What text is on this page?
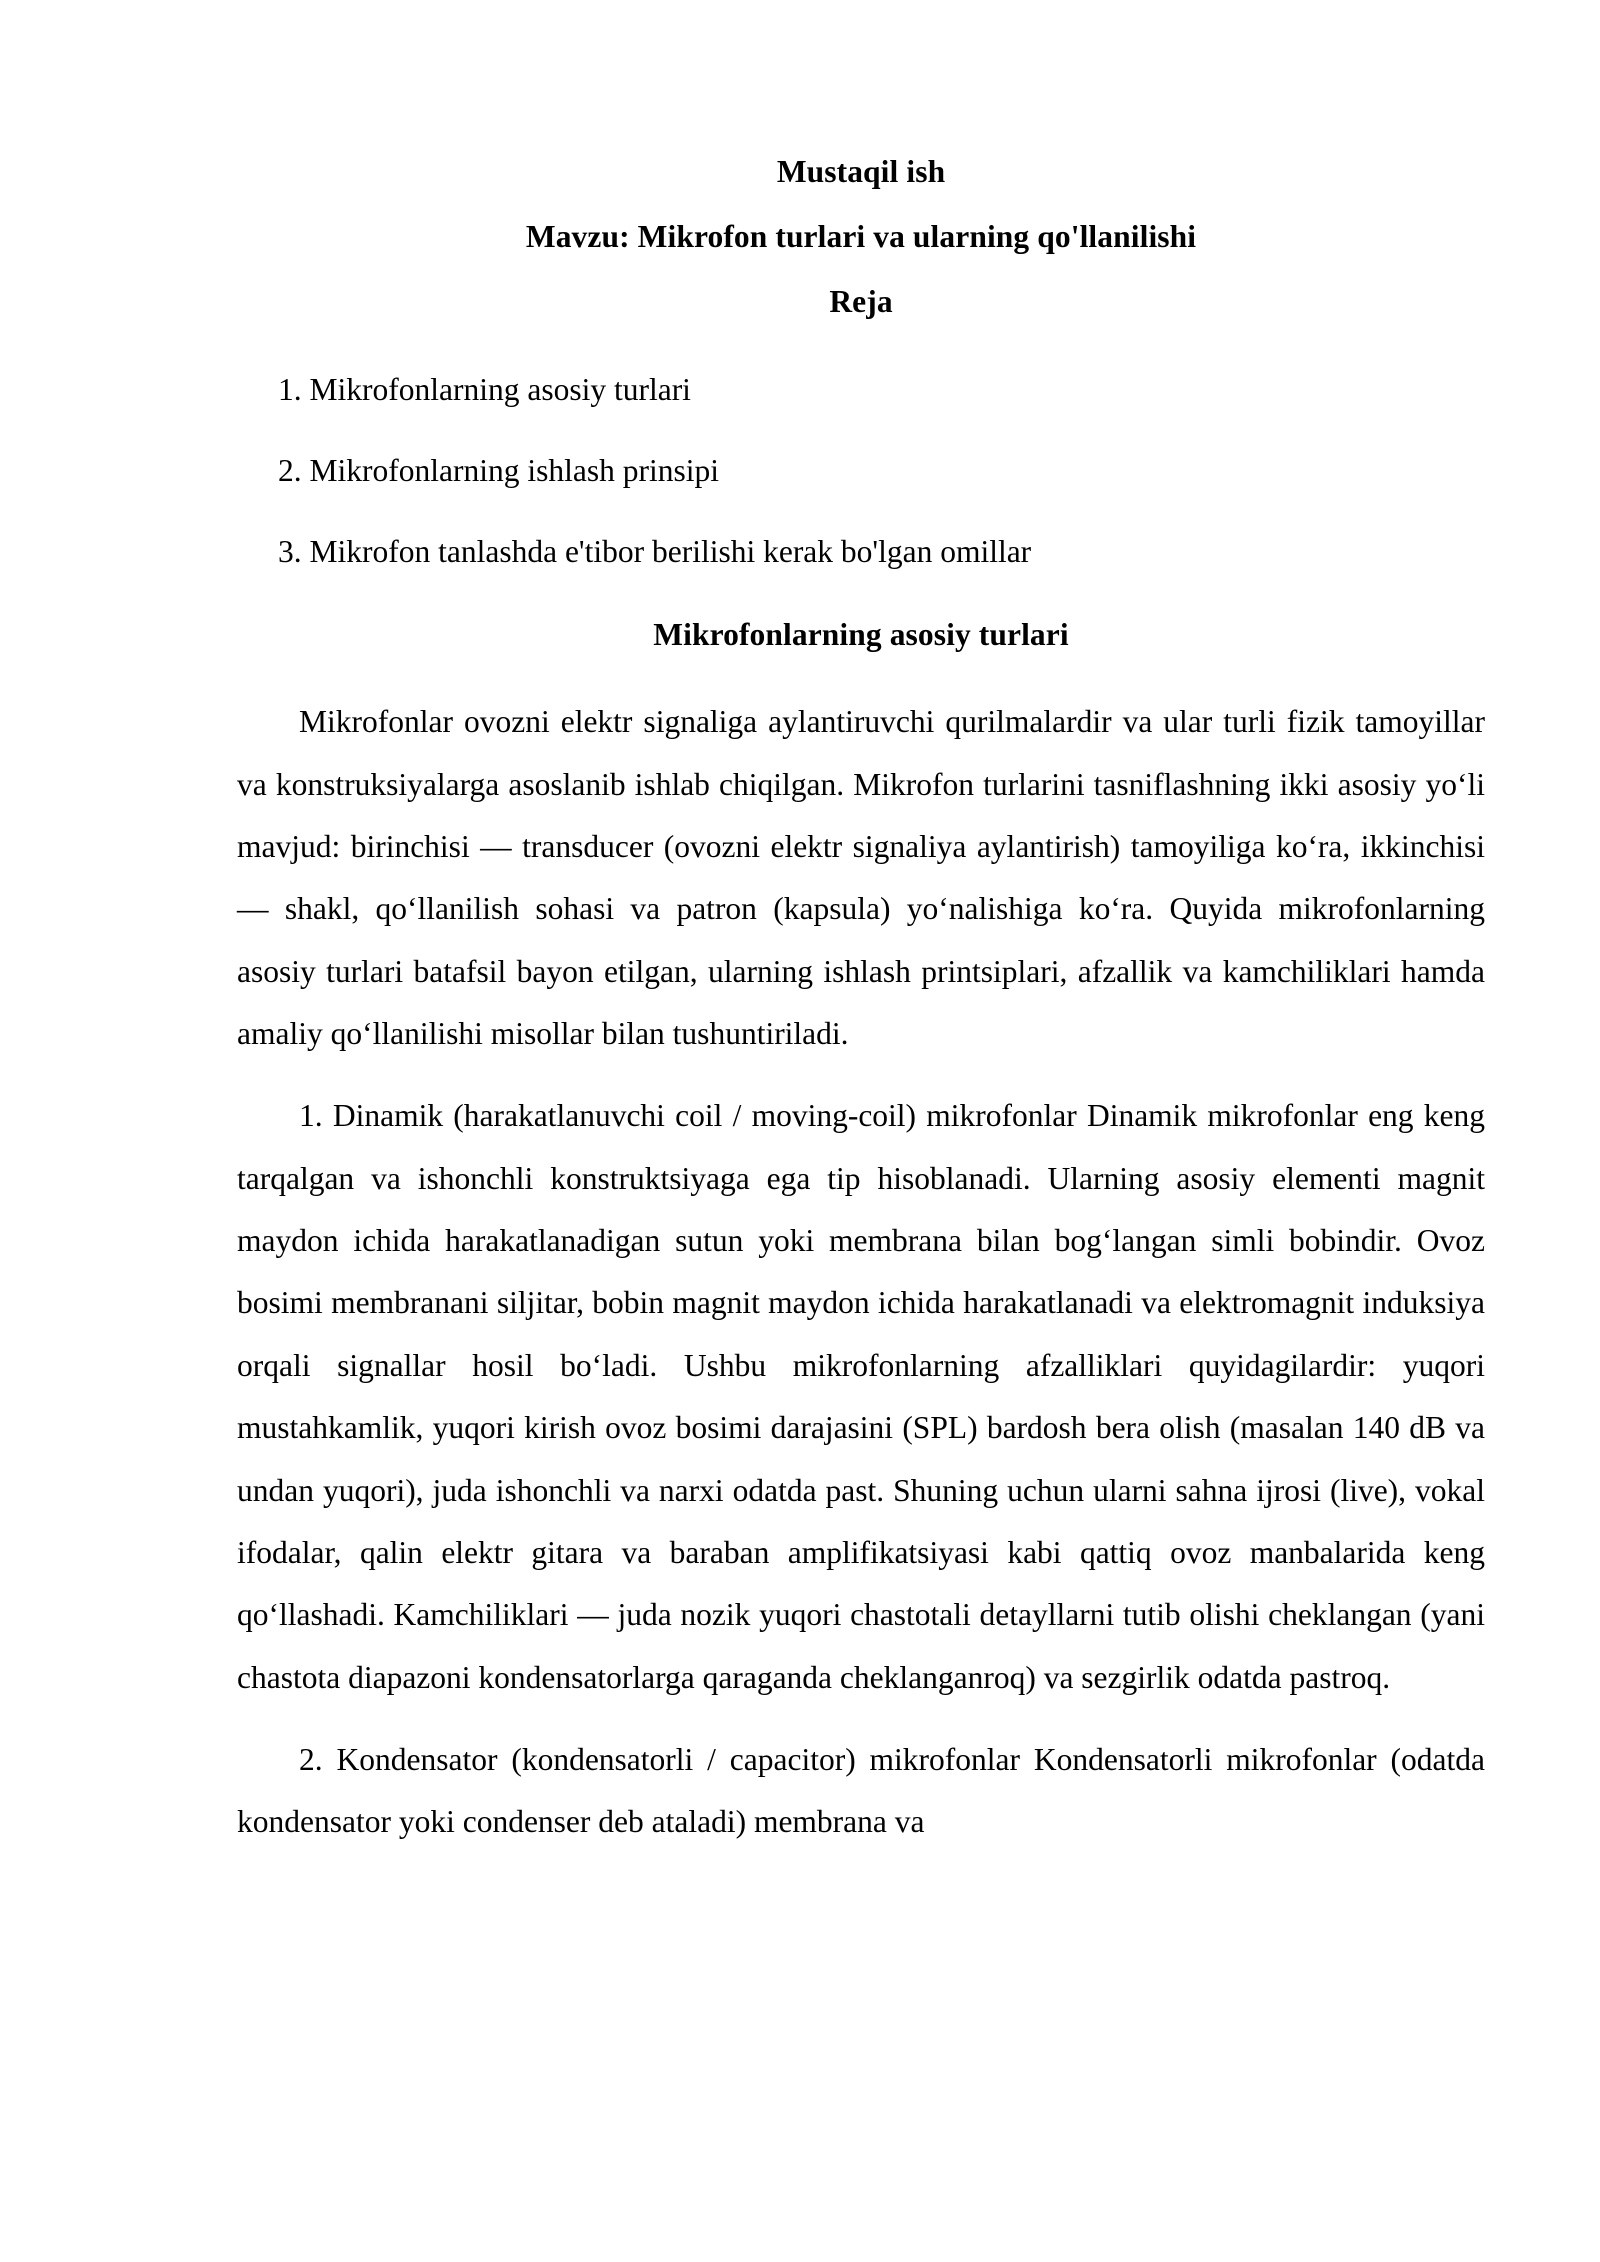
Mustaqil ish

Mavzu: Mikrofon turlari va ularning qo'llanilishi

Reja

1. Mikrofonlarning asosiy turlari
2. Mikrofonlarning ishlash prinsipi
3. Mikrofon tanlashda e'tibor berilishi kerak bo'lgan omillar

Mikrofonlarning asosiy turlari

Mikrofonlar ovozni elektr signaliga aylantiruvchi qurilmalardir va ular turli fizik tamoyillar va konstruksiyalarga asoslanib ishlab chiqilgan. Mikrofon turlarini tasniflashning ikki asosiy yoʻli mavjud: birinchisi — transducer (ovozni elektr signaliya aylantirish) tamoyiliga koʻra, ikkinchisi — shakl, qoʻllanilish sohasi va patron (kapsula) yoʻnalishiga koʻra. Quyida mikrofonlarning asosiy turlari batafsil bayon etilgan, ularning ishlash printsiplari, afzallik va kamchiliklari hamda amaliy qoʻllanilishi misollar bilan tushuntiriladi.

1. Dinamik (harakatlanuvchi coil / moving-coil) mikrofonlar Dinamik mikrofonlar eng keng tarqalgan va ishonchli konstruktsiyaga ega tip hisoblanadi. Ularning asosiy elementi magnit maydon ichida harakatlanadigan sutun yoki membrana bilan bogʻlangan simli bobindir. Ovoz bosimi membranani siljitar, bobin magnit maydon ichida harakatlanadi va elektromagnit induksiya orqali signallar hosil boʻladi. Ushbu mikrofonlarning afzalliklari quyidagilardir: yuqori mustahkamlik, yuqori kirish ovoz bosimi darajasini (SPL) bardosh bera olish (masalan 140 dB va undan yuqori), juda ishonchli va narxi odatda past. Shuning uchun ularni sahna ijrosi (live), vokal ifodalar, qalin elektr gitara va baraban amplifikatsiyasi kabi qattiq ovoz manbalarida keng qoʻllashadi. Kamchiliklari — juda nozik yuqori chastotali detayllarni tutib olishi cheklangan (yani chastota diapazoni kondensatorlarga qaraganda cheklanganroq) va sezgirlik odatda pastroq.

2. Kondensator (kondensatorli / capacitor) mikrofonlar Kondensatorli mikrofonlar (odatda kondensator yoki condenser deb ataladi) membrana va
